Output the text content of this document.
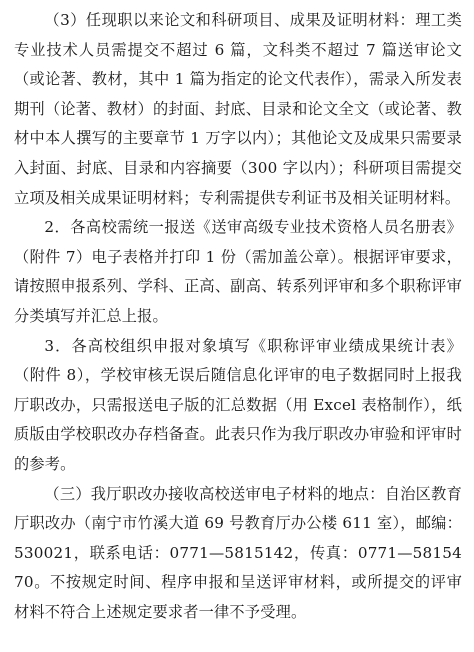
（3）任现职以来论文和科研项目、成果及证明材料：理工类专业技术人员需提交不超过 6 篇，文科类不超过 7 篇送审论文（或论著、教材，其中 1 篇为指定的论文代表作），需录入所发表期刊（论著、教材）的封面、封底、目录和论文全文（或论著、教材中本人撰写的主要章节 1 万字以内）；其他论文及成果只需要录入封面、封底、目录和内容摘要（300 字以内）；科研项目需提交立项及相关成果证明材料；专利需提供专利证书及相关证明材料。

2．各高校需统一报送《送审高级专业技术资格人员名册表》（附件 7）电子表格并打印 1 份（需加盖公章）。根据评审要求，请按照申报系列、学科、正高、副高、转系列评审和多个职称评审分类填写并汇总上报。

3．各高校组织申报对象填写《职称评审业绩成果统计表》（附件 8），学校审核无误后随信息化评审的电子数据同时上报我厅职改办，只需报送电子版的汇总数据（用 Excel 表格制作），纸质版由学校职改办存档备查。此表只作为我厅职改办审验和评审时的参考。

（三）我厅职改办接收高校送审电子材料的地点：自治区教育厅职改办（南宁市竹溪大道 69 号教育厅办公楼 611 室），邮编：530021，联系电话：0771—5815142，传真：0771—5815470。不按规定时间、程序申报和呈送评审材料，或所提交的评审材料不符合上述规定要求者一律不予受理。
